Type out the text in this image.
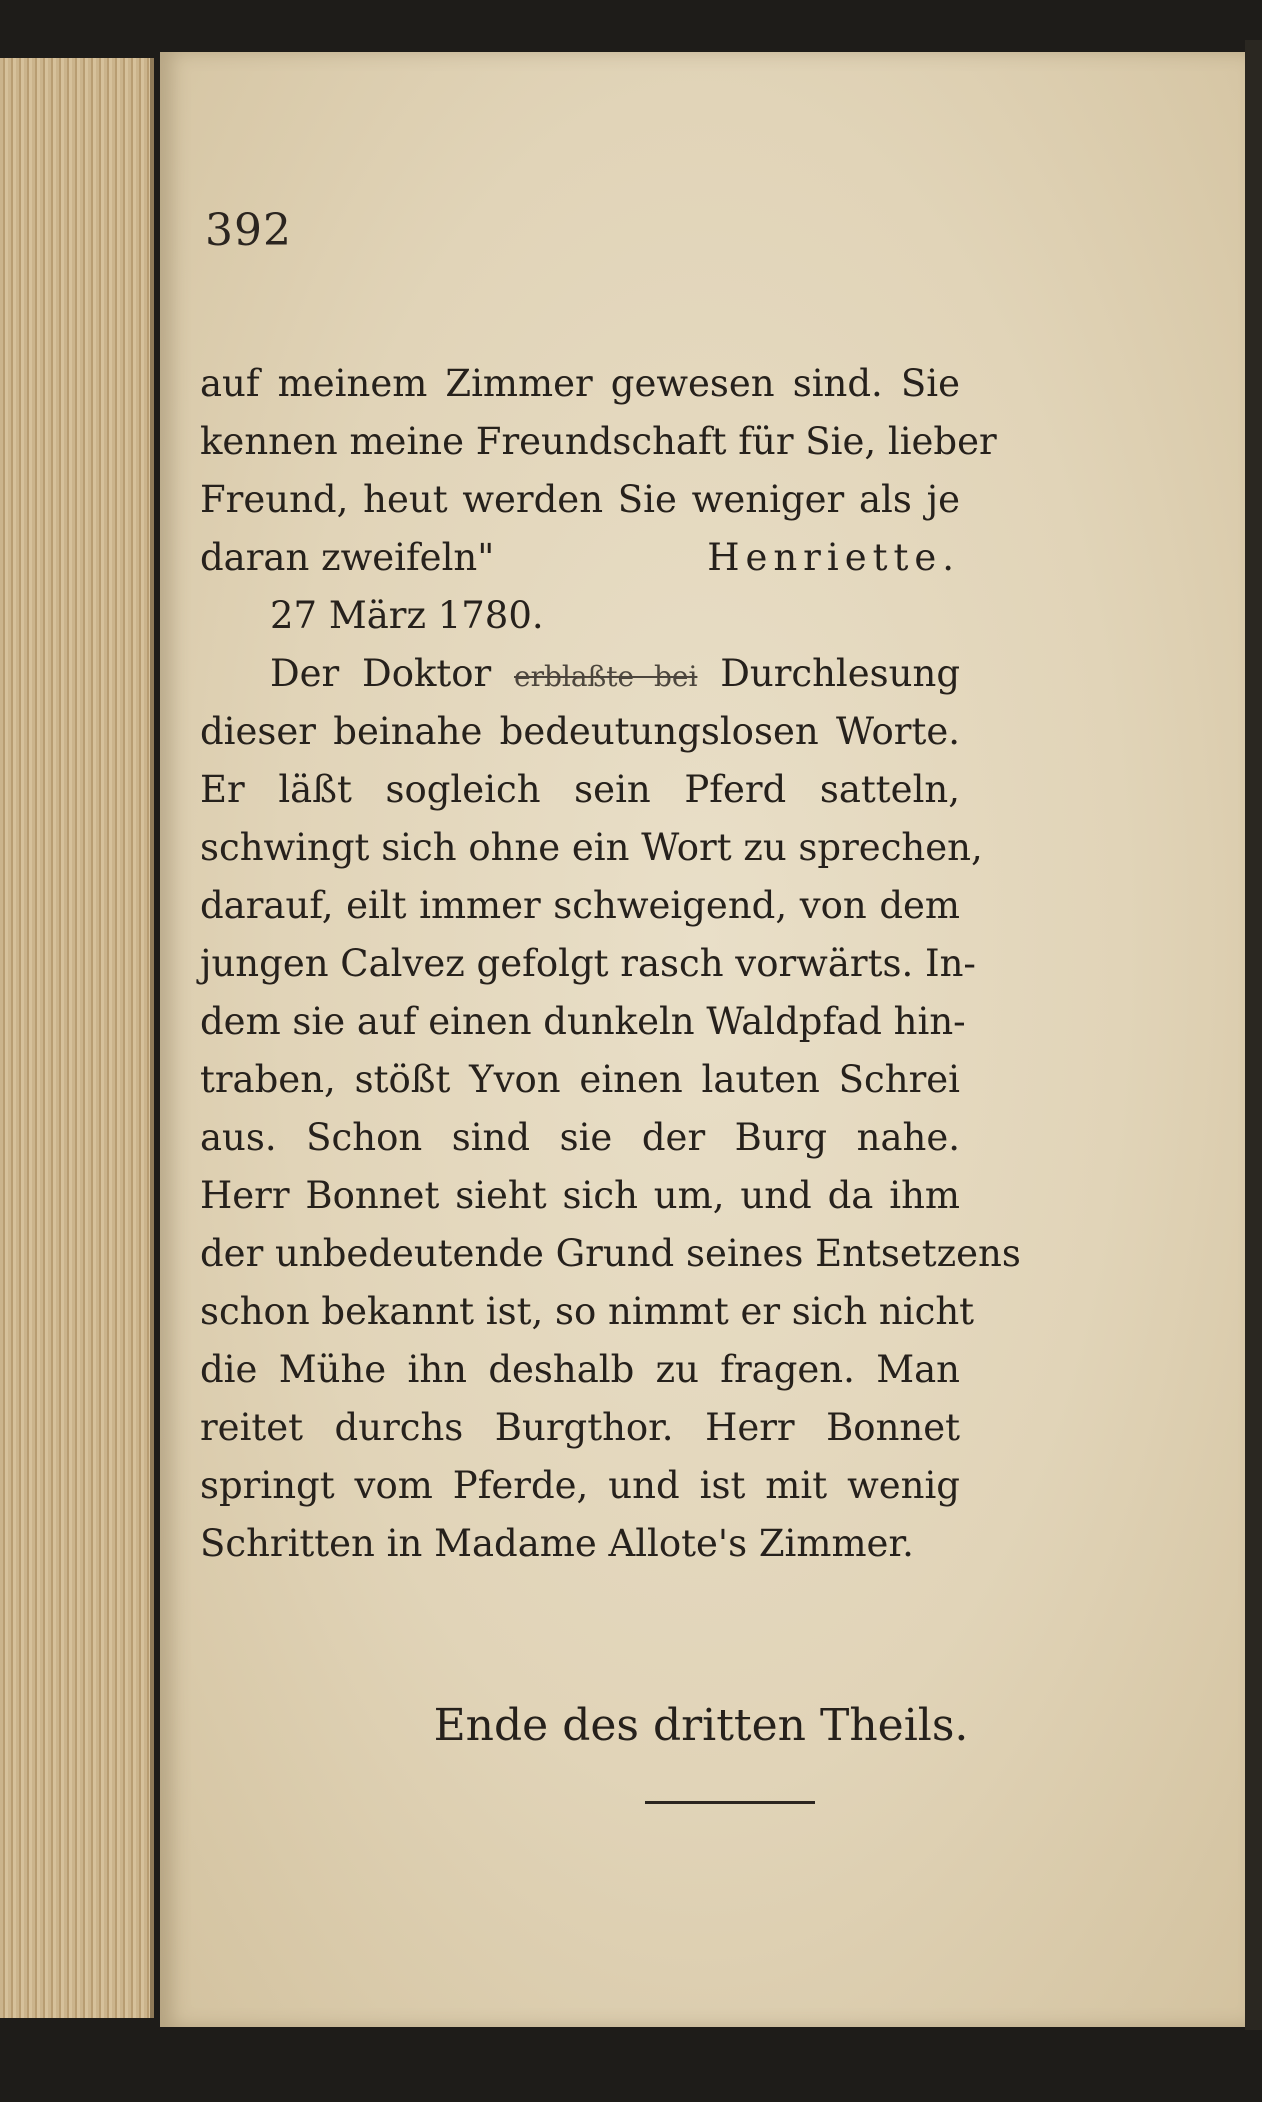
392
auf meinem Zimmer gewesen sind. Sie
kennen meine Freundschaft für Sie, lieber
Freund, heut werden Sie weniger als je
daran zweifeln"	Henriette.
27 März 1780.
Der Doktor erblaßte bei Durchlesung
dieser beinahe bedeutungslosen Worte.
Er läßt sogleich sein Pferd satteln,
schwingt sich ohne ein Wort zu sprechen,
darauf, eilt immer schweigend, von dem
jungen Calvez gefolgt rasch vorwärts. In-
dem sie auf einen dunkeln Waldpfad hin-
traben, stößt Yvon einen lauten Schrei
aus. Schon sind sie der Burg nahe.
Herr Bonnet sieht sich um, und da ihm
der unbedeutende Grund seines Entsetzens
schon bekannt ist, so nimmt er sich nicht
die Mühe ihn deshalb zu fragen. Man
reitet durchs Burgthor. Herr Bonnet
springt vom Pferde, und ist mit wenig
Schritten in Madame Allote's Zimmer.
Ende des dritten Theils.
